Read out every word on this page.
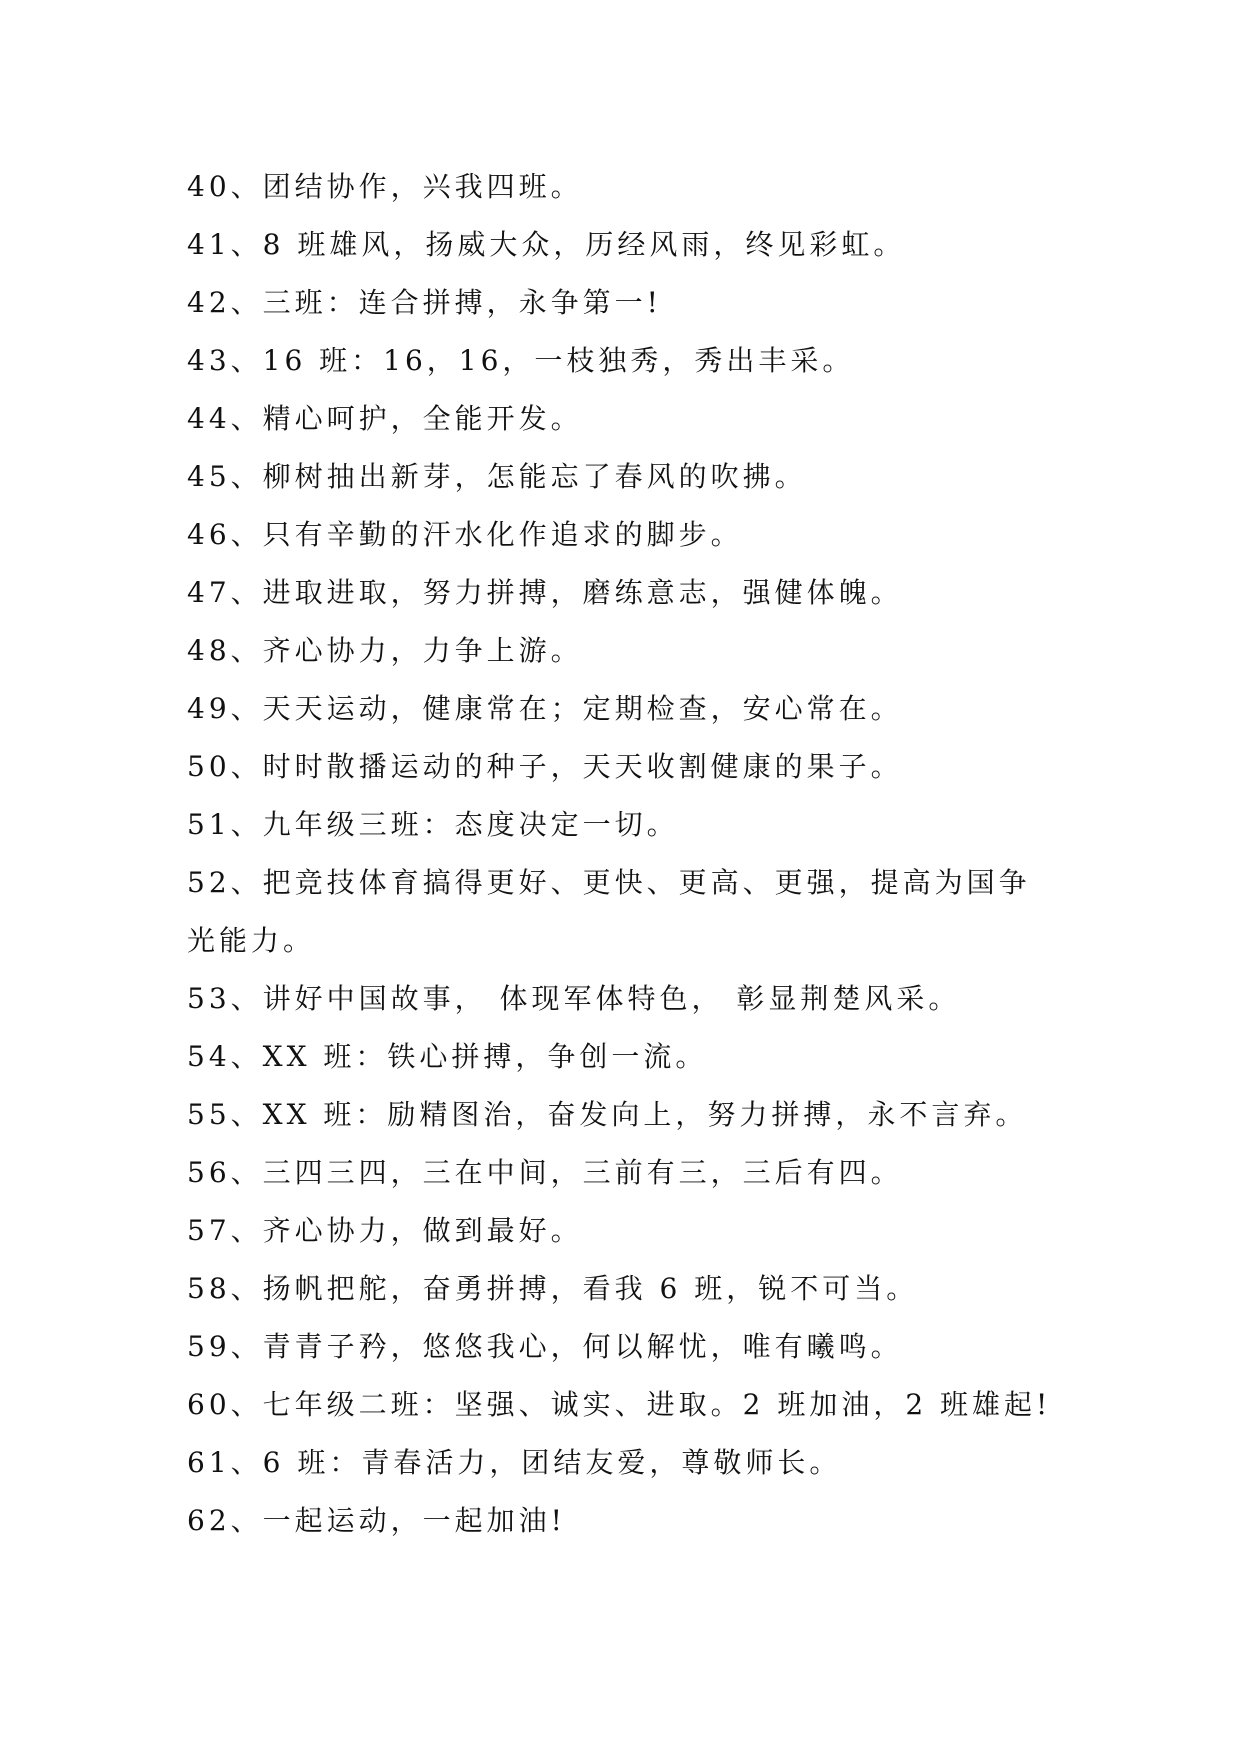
40、团结协作，兴我四班。
41、8 班雄风，扬威大众，历经风雨，终见彩虹。
42、三班：连合拼搏，永争第一!
43、16 班：16，16，一枝独秀，秀出丰采。
44、精心呵护，全能开发。
45、柳树抽出新芽，怎能忘了春风的吹拂。
46、只有辛勤的汗水化作追求的脚步。
47、进取进取，努力拼搏，磨练意志，强健体魄。
48、齐心协力，力争上游。
49、天天运动，健康常在；定期检查，安心常在。
50、时时散播运动的种子，天天收割健康的果子。
51、九年级三班：态度决定一切。
52、把竞技体育搞得更好、更快、更高、更强，提高为国争
光能力。
53、讲好中国故事， 体现军体特色， 彰显荆楚风采。
54、XX 班：铁心拼搏，争创一流。
55、XX 班：励精图治，奋发向上，努力拼搏，永不言弃。
56、三四三四，三在中间，三前有三，三后有四。
57、齐心协力，做到最好。
58、扬帆把舵，奋勇拼搏，看我 6 班，锐不可当。
59、青青子矜，悠悠我心，何以解忧，唯有曦鸣。
60、七年级二班：坚强、诚实、进取。2 班加油，2 班雄起!
61、6 班：青春活力，团结友爱，尊敬师长。
62、一起运动，一起加油!
